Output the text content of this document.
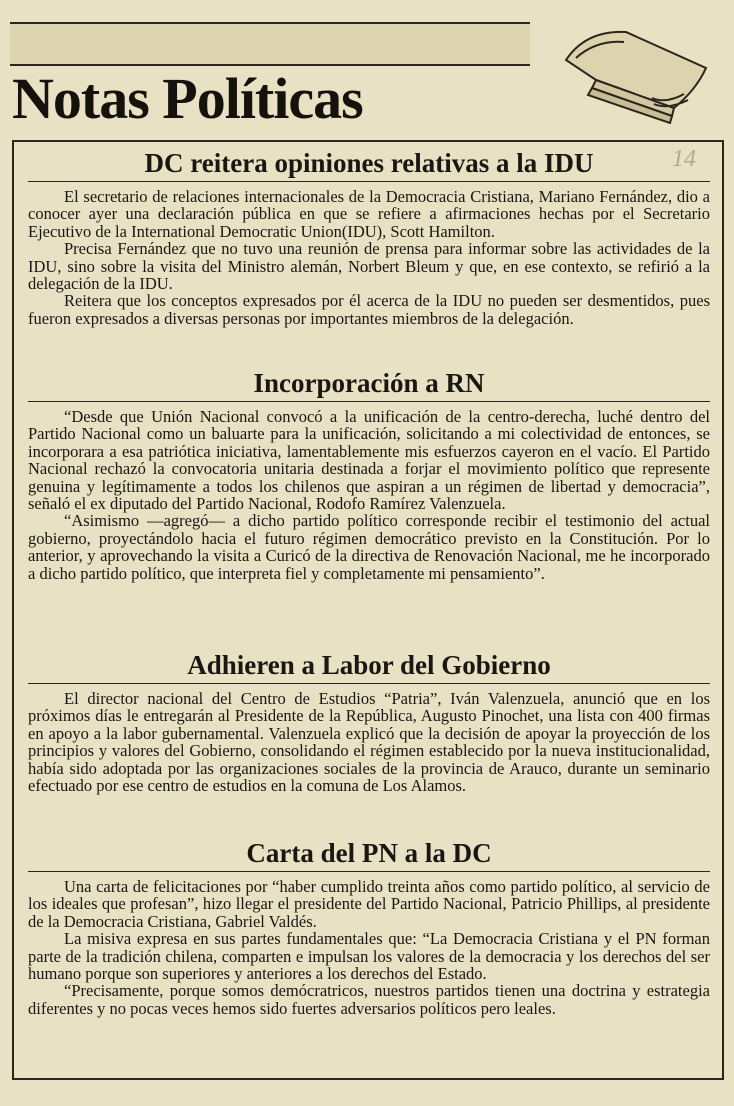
Notas Políticas
14
DC reitera opiniones relativas a la IDU

El secretario de relaciones internacionales de la Democracia Cristiana, Mariano Fernández, dio a conocer ayer una declaración pública en que se refiere a afirmaciones hechas por el Secretario Ejecutivo de la International Democratic Union(IDU), Scott Hamilton.

Precisa Fernández que no tuvo una reunión de prensa para informar sobre las actividades de la IDU, sino sobre la visita del Ministro alemán, Norbert Bleum y que, en ese contexto, se refirió a la delegación de la IDU.

Reitera que los conceptos expresados por él acerca de la IDU no pueden ser desmentidos, pues fueron expresados a diversas personas por importantes miembros de la delegación.

Incorporación a RN

“Desde que Unión Nacional convocó a la unificación de la centro-derecha, luché dentro del Partido Nacional como un baluarte para la unificación, solicitando a mi colectividad de entonces, se incorporara a esa patriótica iniciativa, lamentablemente mis esfuerzos cayeron en el vacío. El Partido Nacional rechazó la convocatoria unitaria destinada a forjar el movimiento político que represente genuina y legítimamente a todos los chilenos que aspiran a un régimen de libertad y democracia”, señaló el ex diputado del Partido Nacional, Rodofo Ramírez Valenzuela.

“Asimismo —agregó— a dicho partido político corresponde recibir el testimonio del actual gobierno, proyectándolo hacia el futuro régimen democrático previsto en la Constitución. Por lo anterior, y aprovechando la visita a Curicó de la directiva de Renovación Nacional, me he incorporado a dicho partido político, que interpreta fiel y completamente mi pensamiento”.

Adhieren a Labor del Gobierno

El director nacional del Centro de Estudios “Patria”, Iván Valenzuela, anunció que en los próximos días le entregarán al Presidente de la República, Augusto Pinochet, una lista con 400 firmas en apoyo a la labor gubernamental. Valenzuela explicó que la decisión de apoyar la proyección de los principios y valores del Gobierno, consolidando el régimen establecido por la nueva institucionalidad, había sido adoptada por las organizaciones sociales de la provincia de Arauco, durante un seminario efectuado por ese centro de estudios en la comuna de Los Alamos.

Carta del PN a la DC

Una carta de felicitaciones por “haber cumplido treinta años como partido político, al servicio de los ideales que profesan”, hizo llegar el presidente del Partido Nacional, Patricio Phillips, al presidente de la Democracia Cristiana, Gabriel Valdés.

La misiva expresa en sus partes fundamentales que: “La Democracia Cristiana y el PN forman parte de la tradición chilena, comparten e impulsan los valores de la democracia y los derechos del ser humano porque son superiores y anteriores a los derechos del Estado.

“Precisamente, porque somos demócratricos, nuestros partidos tienen una doctrina y estrategia diferentes y no pocas veces hemos sido fuertes adversarios políticos pero leales.
